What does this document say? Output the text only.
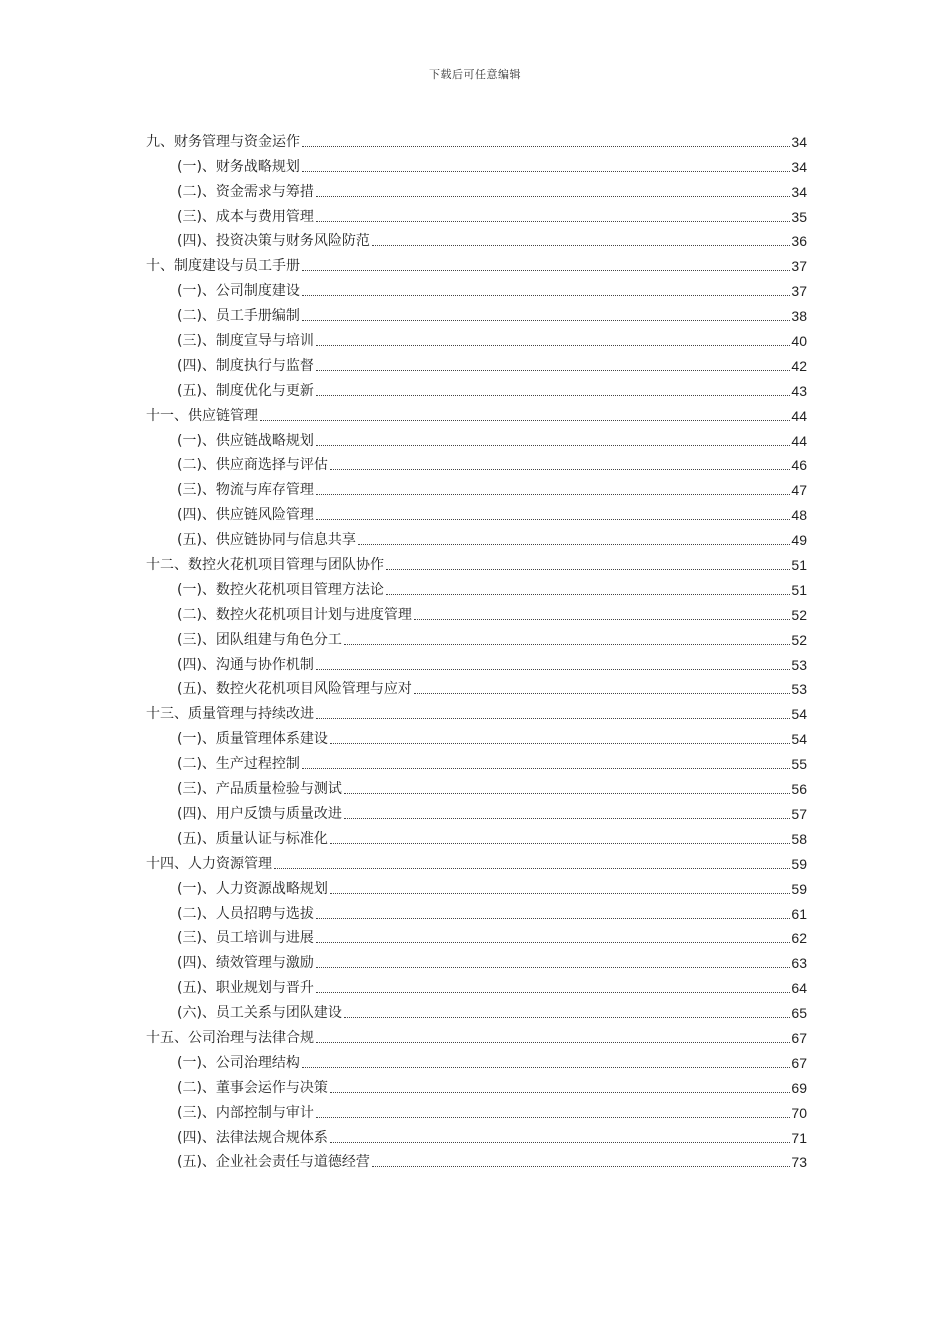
下载后可任意编辑
九、财务管理与资金运作	34
(一)、财务战略规划	34
(二)、资金需求与筹措	34
(三)、成本与费用管理	35
(四)、投资决策与财务风险防范	36
十、制度建设与员工手册	37
(一)、公司制度建设	37
(二)、员工手册编制	38
(三)、制度宣导与培训	40
(四)、制度执行与监督	42
(五)、制度优化与更新	43
十一、供应链管理	44
(一)、供应链战略规划	44
(二)、供应商选择与评估	46
(三)、物流与库存管理	47
(四)、供应链风险管理	48
(五)、供应链协同与信息共享	49
十二、数控火花机项目管理与团队协作	51
(一)、数控火花机项目管理方法论	51
(二)、数控火花机项目计划与进度管理	52
(三)、团队组建与角色分工	52
(四)、沟通与协作机制	53
(五)、数控火花机项目风险管理与应对	53
十三、质量管理与持续改进	54
(一)、质量管理体系建设	54
(二)、生产过程控制	55
(三)、产品质量检验与测试	56
(四)、用户反馈与质量改进	57
(五)、质量认证与标准化	58
十四、人力资源管理	59
(一)、人力资源战略规划	59
(二)、人员招聘与选拔	61
(三)、员工培训与进展	62
(四)、绩效管理与激励	63
(五)、职业规划与晋升	64
(六)、员工关系与团队建设	65
十五、公司治理与法律合规	67
(一)、公司治理结构	67
(二)、董事会运作与决策	69
(三)、内部控制与审计	70
(四)、法律法规合规体系	71
(五)、企业社会责任与道德经营	73
